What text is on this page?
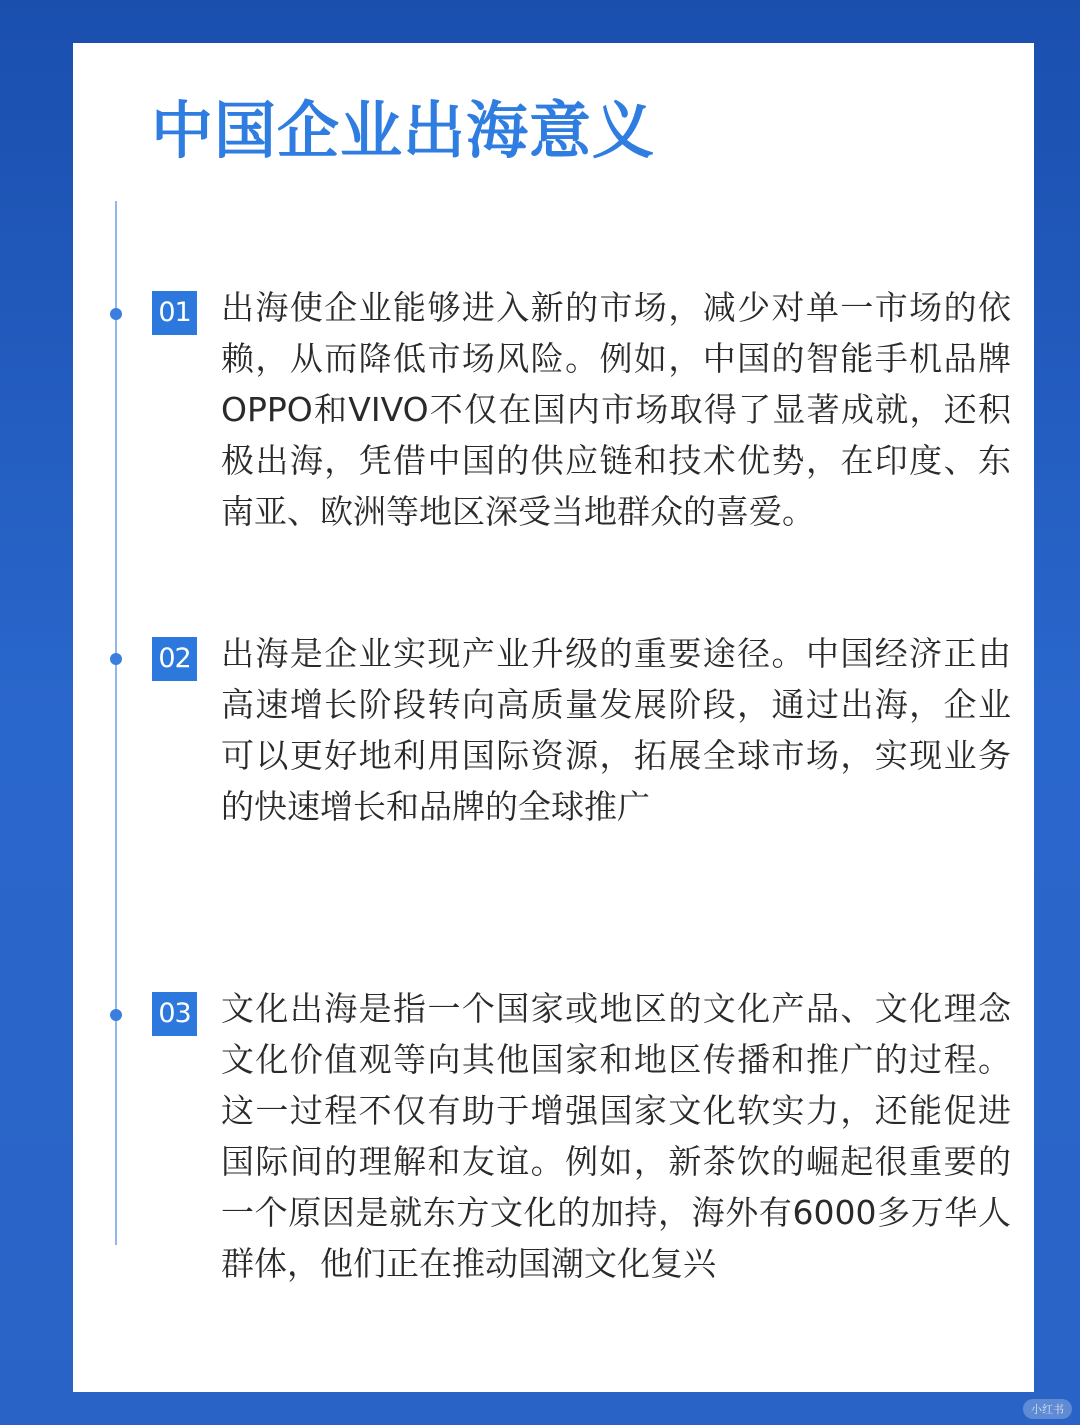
中国企业出海意义
01 出海使企业能够进入新的市场，减少对单一市场的依赖，从而降低市场风险。例如，中国的智能手机品牌OPPO和VIVO不仅在国内市场取得了显著成就，还积极出海，凭借中国的供应链和技术优势，在印度、东南亚、欧洲等地区深受当地群众的喜爱。

02 出海是企业实现产业升级的重要途径。中国经济正由高速增长阶段转向高质量发展阶段，通过出海，企业可以更好地利用国际资源，拓展全球市场，实现业务的快速增长和品牌的全球推广

03 文化出海是指一个国家或地区的文化产品、文化理念文化价值观等向其他国家和地区传播和推广的过程。这一过程不仅有助于增强国家文化软实力，还能促进国际间的理解和友谊。例如，新茶饮的崛起很重要的一个原因是就东方文化的加持，海外有6000多万华人群体，他们正在推动国潮文化复兴

小红书
